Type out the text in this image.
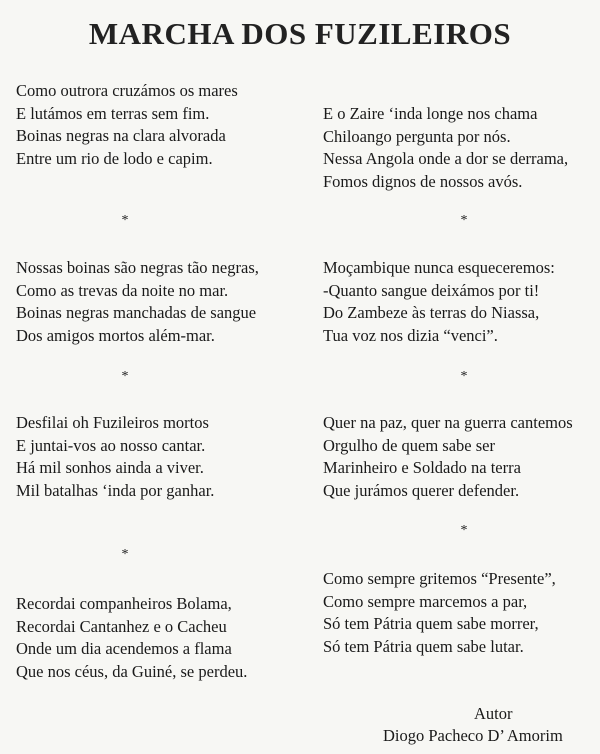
MARCHA DOS FUZILEIROS
Como outrora cruzámos os mares
E lutámos em terras sem fim.
Boinas negras na clara alvorada
Entre um rio de lodo e capim.
*
Nossas boinas são negras tão negras,
Como as trevas da noite no mar.
Boinas negras manchadas de sangue
Dos amigos mortos além-mar.
*
Desfilai oh Fuzileiros mortos
E juntai-vos ao nosso cantar.
Há mil sonhos ainda a viver.
Mil batalhas ‘inda por ganhar.
*
Recordai companheiros Bolama,
Recordai Cantanhez e o Cacheu
Onde um dia acendemos a flama
Que nos céus, da Guiné, se perdeu.
E o Zaire ‘inda longe nos chama
Chiloango pergunta por nós.
Nessa Angola onde a dor se derrama,
Fomos dignos de nossos avós.
*
Moçambique nunca esqueceremos:
-Quanto sangue deixámos por ti!
Do Zambeze às terras do Niassa,
Tua voz nos dizia “venci”.
*
Quer na paz, quer na guerra cantemos
Orgulho de quem sabe ser
Marinheiro e Soldado na terra
Que jurámos querer defender.
*
Como sempre gritemos “Presente”,
Como sempre marcemos a par,
Só tem Pátria quem sabe morrer,
Só tem Pátria quem sabe lutar.
Autor
Diogo Pacheco D’ Amorim
